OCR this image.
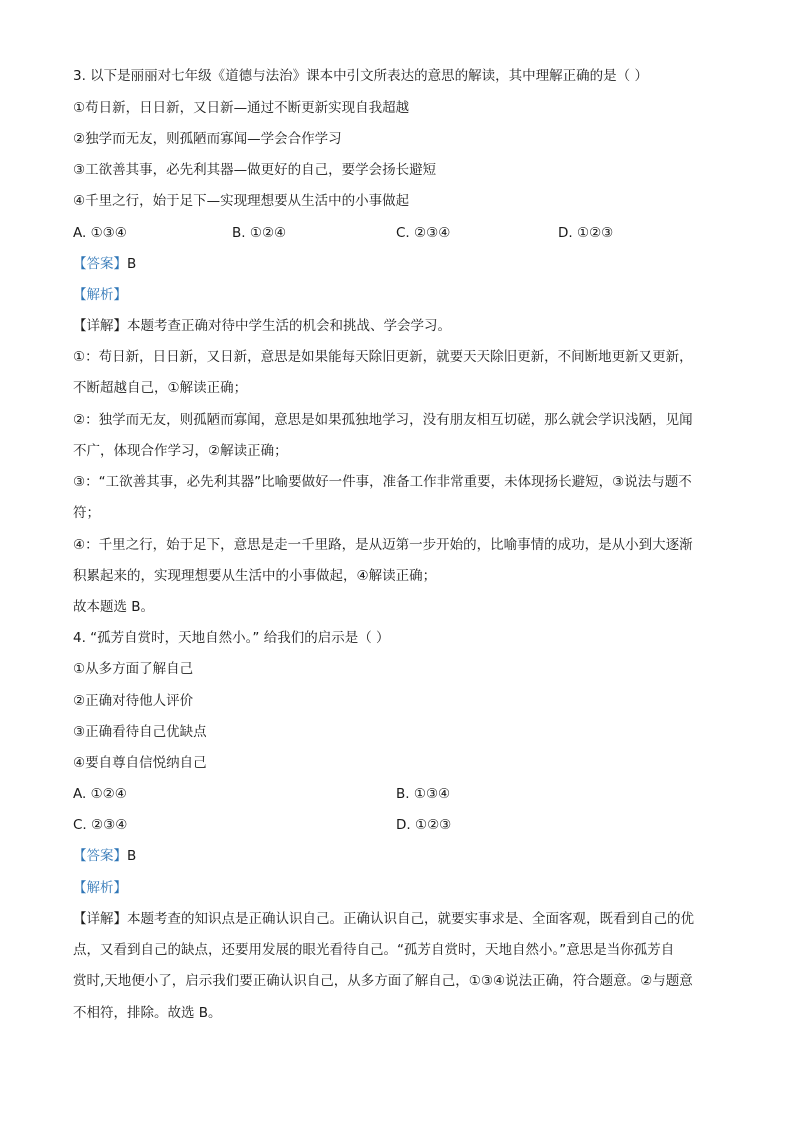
3. 以下是丽丽对七年级《道德与法治》课本中引文所表达的意思的解读，其中理解正确的是（ ）
①苟日新，日日新，又日新—通过不断更新实现自我超越
②独学而无友，则孤陋而寡闻—学会合作学习
③工欲善其事，必先利其器—做更好的自己，要学会扬长避短
④千里之行，始于足下—实现理想要从生活中的小事做起
A. ①③④	B. ①②④	C. ②③④	D. ①②③
【答案】B
【解析】
【详解】本题考查正确对待中学生活的机会和挑战、学会学习。
①：苟日新，日日新，又日新，意思是如果能每天除旧更新，就要天天除旧更新，不间断地更新又更新，
不断超越自己，①解读正确；
②：独学而无友，则孤陋而寡闻，意思是如果孤独地学习，没有朋友相互切磋，那么就会学识浅陋，见闻
不广，体现合作学习，②解读正确；
③：“工欲善其事，必先利其器”比喻要做好一件事，准备工作非常重要，未体现扬长避短，③说法与题不
符；
④：千里之行，始于足下，意思是走一千里路，是从迈第一步开始的，比喻事情的成功，是从小到大逐渐
积累起来的，实现理想要从生活中的小事做起，④解读正确；
故本题选 B。
4. “孤芳自赏时，天地自然小。” 给我们的启示是（ ）
①从多方面了解自己
②正确对待他人评价
③正确看待自己优缺点
④要自尊自信悦纳自己
A. ①②④	B. ①③④
C. ②③④	D. ①②③
【答案】B
【解析】
【详解】本题考查的知识点是正确认识自己。正确认识自己，就要实事求是、全面客观，既看到自己的优
点，又看到自己的缺点，还要用发展的眼光看待自己。“孤芳自赏时，天地自然小。”意思是当你孤芳自
赏时,天地便小了，启示我们要正确认识自己，从多方面了解自己，①③④说法正确，符合题意。②与题意
不相符，排除。故选 B。
